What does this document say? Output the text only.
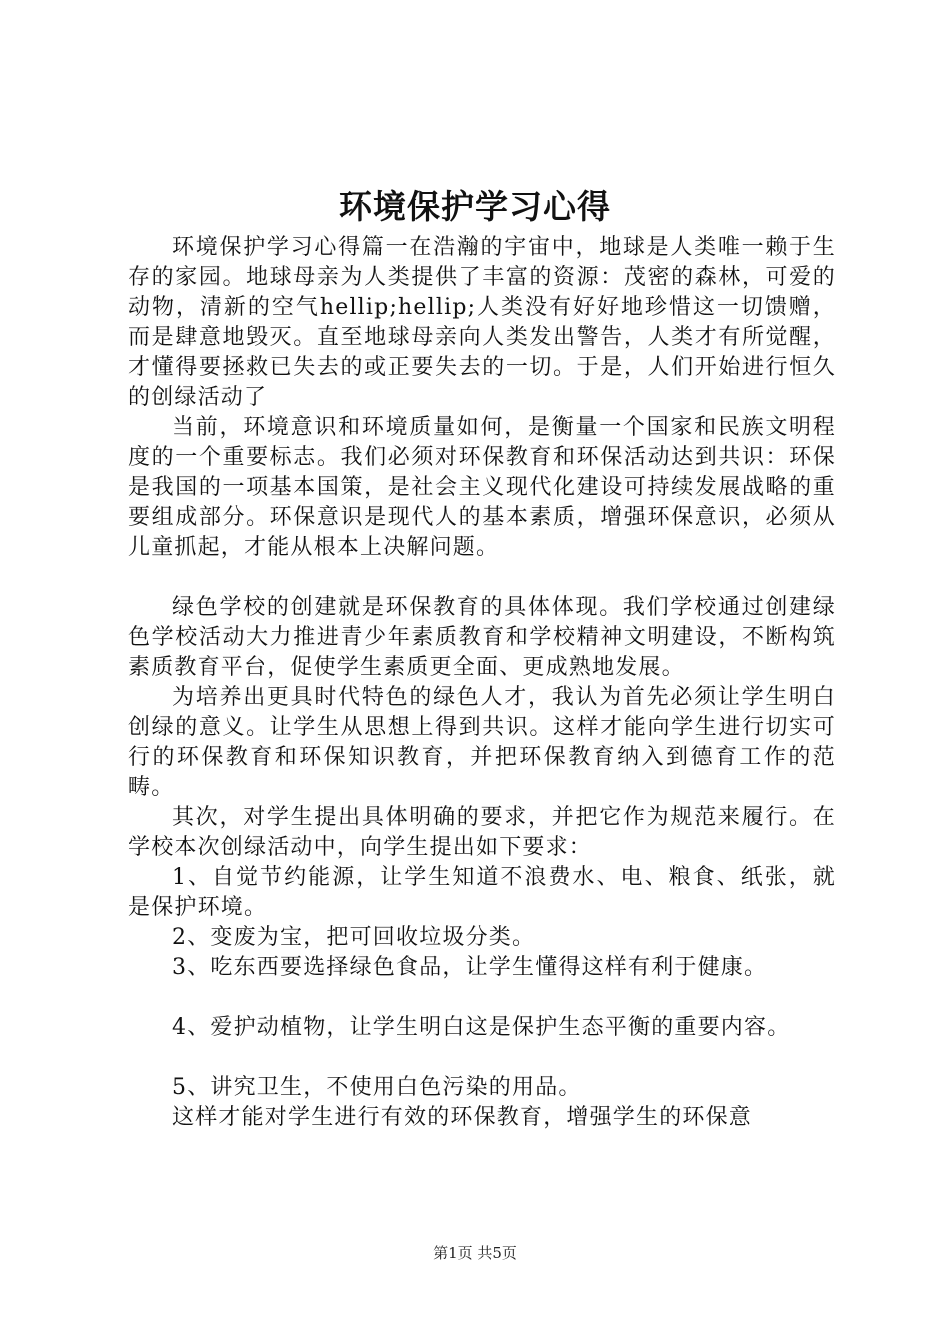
环境保护学习心得

环境保护学习心得篇一在浩瀚的宇宙中，地球是人类唯一赖于生存的家园。地球母亲为人类提供了丰富的资源：茂密的森林，可爱的动物，清新的空气hellip;hellip;人类没有好好地珍惜这一切馈赠，而是肆意地毁灭。直至地球母亲向人类发出警告，人类才有所觉醒，才懂得要拯救已失去的或正要失去的一切。于是，人们开始进行恒久的创绿活动了

当前，环境意识和环境质量如何，是衡量一个国家和民族文明程度的一个重要标志。我们必须对环保教育和环保活动达到共识：环保是我国的一项基本国策，是社会主义现代化建设可持续发展战略的重要组成部分。环保意识是现代人的基本素质，增强环保意识，必须从儿童抓起，才能从根本上决解问题。

绿色学校的创建就是环保教育的具体体现。我们学校通过创建绿色学校活动大力推进青少年素质教育和学校精神文明建设，不断构筑素质教育平台，促使学生素质更全面、更成熟地发展。

为培养出更具时代特色的绿色人才，我认为首先必须让学生明白创绿的意义。让学生从思想上得到共识。这样才能向学生进行切实可行的环保教育和环保知识教育，并把环保教育纳入到德育工作的范畴。

其次，对学生提出具体明确的要求，并把它作为规范来履行。在学校本次创绿活动中，向学生提出如下要求：

1、自觉节约能源，让学生知道不浪费水、电、粮食、纸张，就是保护环境。

2、变废为宝，把可回收垃圾分类。

3、吃东西要选择绿色食品，让学生懂得这样有利于健康。

4、爱护动植物，让学生明白这是保护生态平衡的重要内容。

5、讲究卫生，不使用白色污染的用品。

这样才能对学生进行有效的环保教育，增强学生的环保意

第1页 共5页
